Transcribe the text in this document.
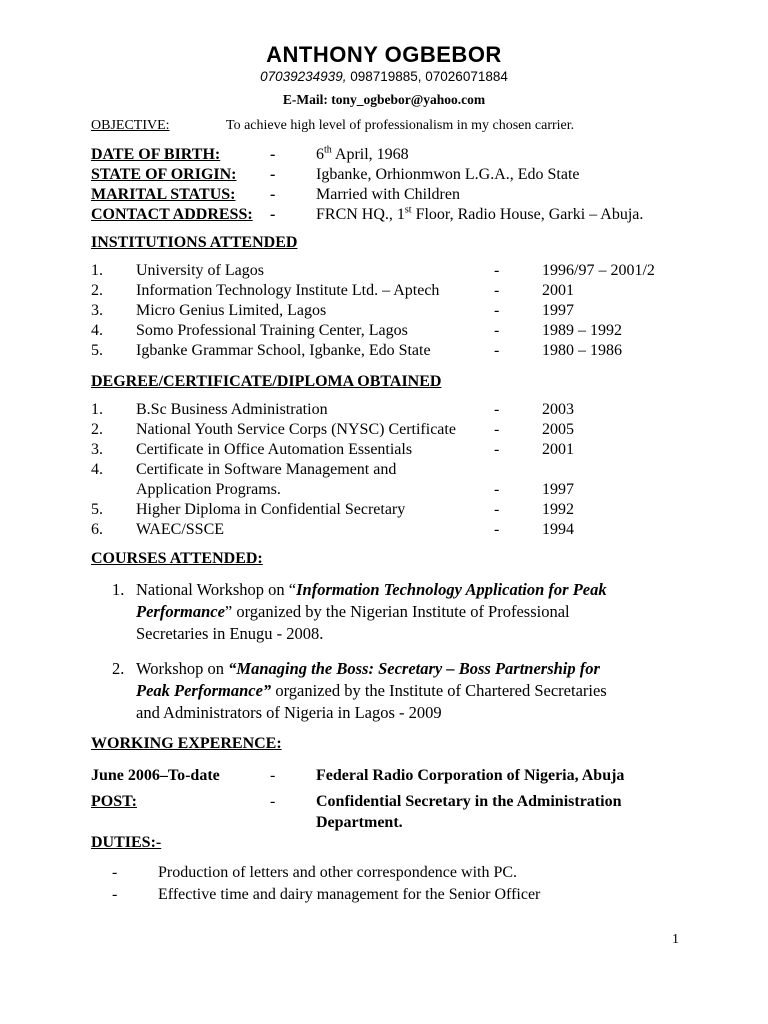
ANTHONY OGBEBOR
07039234939, 098719885, 07026071884
E-Mail: tony_ogbebor@yahoo.com
OBJECTIVE:	To achieve high level of professionalism in my chosen carrier.
DATE OF BIRTH:	-	6th April, 1968
STATE OF ORIGIN: -	Igbanke, Orhionmwon L.G.A., Edo State
MARITAL STATUS: -	Married with Children
CONTACT ADDRESS: -	FRCN HQ., 1st Floor, Radio House, Garki – Abuja.
INSTITUTIONS ATTENDED
1. University of Lagos	-	1996/97 – 2001/2
2. Information Technology Institute Ltd. – Aptech	-	2001
3. Micro Genius Limited, Lagos	-	1997
4. Somo Professional Training Center, Lagos	-	1989 – 1992
5. Igbanke Grammar School, Igbanke, Edo State	-	1980 – 1986
DEGREE/CERTIFICATE/DIPLOMA OBTAINED
1. B.Sc Business Administration	-	2003
2. National Youth Service Corps (NYSC) Certificate -	2005
3. Certificate in Office Automation Essentials	-	2001
4. Certificate in Software Management and
Application Programs.	-	1997
5. Higher Diploma in Confidential Secretary	-	1992
6. WAEC/SSCE	-	1994
COURSES ATTENDED:
1. National Workshop on “Information Technology Application for Peak
Performance” organized by the Nigerian Institute of Professional
Secretaries in Enugu - 2008.
2. Workshop on “Managing the Boss: Secretary – Boss Partnership for
Peak Performance” organized by the Institute of Chartered Secretaries
and Administrators of Nigeria in Lagos - 2009
WORKING EXPERENCE:
June 2006–To-date	-	Federal Radio Corporation of Nigeria, Abuja
POST:	-	Confidential Secretary in the Administration
Department.
DUTIES:-
-	Production of letters and other correspondence with PC.
-	Effective time and dairy management for the Senior Officer
1
